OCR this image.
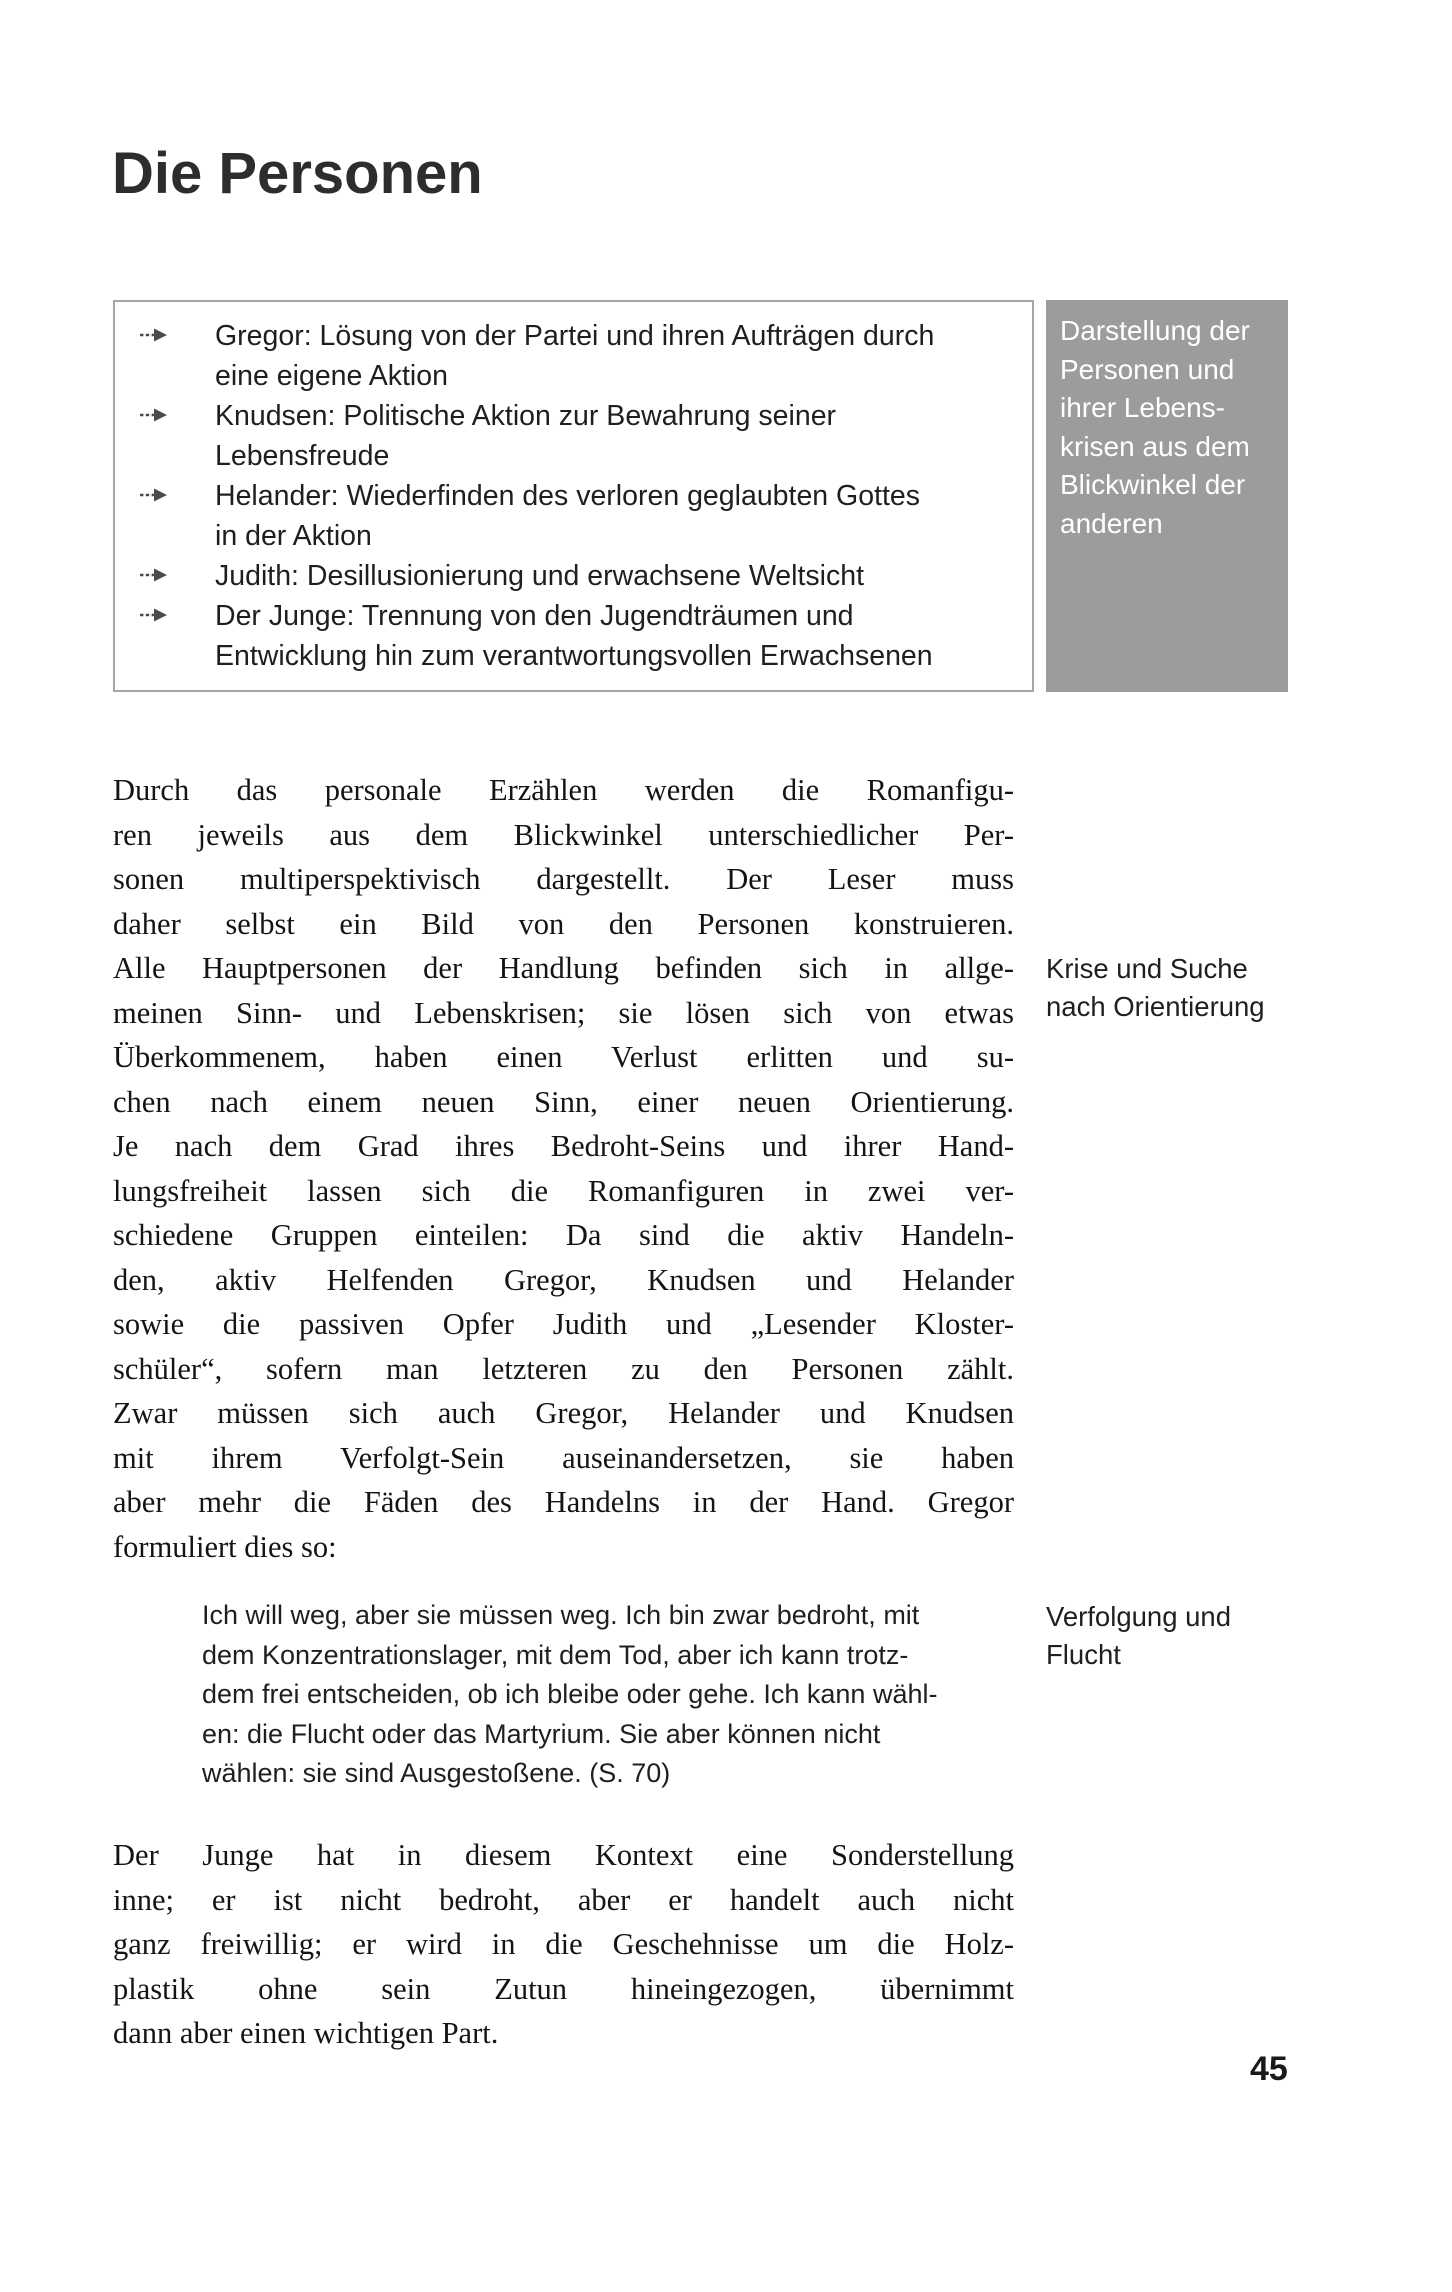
Die Personen
Gregor: Lösung von der Partei und ihren Aufträgen durch
eine eigene Aktion
Knudsen: Politische Aktion zur Bewahrung seiner
Lebensfreude
Helander: Wiederfinden des verloren geglaubten Gottes
in der Aktion
Judith: Desillusionierung und erwachsene Weltsicht
Der Junge: Trennung von den Jugendträumen und
Entwicklung hin zum verantwortungsvollen Erwachsenen
Darstellung der
Personen und
ihrer Lebens-
krisen aus dem
Blickwinkel der
anderen
Durch das personale Erzählen werden die Romanfigu-
ren jeweils aus dem Blickwinkel unterschiedlicher Per-
sonen multiperspektivisch dargestellt. Der Leser muss
daher selbst ein Bild von den Personen konstruieren.
Alle Hauptpersonen der Handlung befinden sich in allge-
meinen Sinn- und Lebenskrisen; sie lösen sich von etwas
Überkommenem, haben einen Verlust erlitten und su-
chen nach einem neuen Sinn, einer neuen Orientierung.
Je nach dem Grad ihres Bedroht-Seins und ihrer Hand-
lungsfreiheit lassen sich die Romanfiguren in zwei ver-
schiedene Gruppen einteilen: Da sind die aktiv Handeln-
den, aktiv Helfenden Gregor, Knudsen und Helander
sowie die passiven Opfer Judith und „Lesender Kloster-
schüler“, sofern man letzteren zu den Personen zählt.
Zwar müssen sich auch Gregor, Helander und Knudsen
mit ihrem Verfolgt-Sein auseinandersetzen, sie haben
aber mehr die Fäden des Handelns in der Hand. Gregor
formuliert dies so:
Krise und Suche
nach Orientierung
Ich will weg, aber sie müssen weg. Ich bin zwar bedroht, mit
dem Konzentrationslager, mit dem Tod, aber ich kann trotz-
dem frei entscheiden, ob ich bleibe oder gehe. Ich kann wähl-
en: die Flucht oder das Martyrium. Sie aber können nicht
wählen: sie sind Ausgestoßene. (S. 70)
Verfolgung und
Flucht
Der Junge hat in diesem Kontext eine Sonderstellung
inne; er ist nicht bedroht, aber er handelt auch nicht
ganz freiwillig; er wird in die Geschehnisse um die Holz-
plastik ohne sein Zutun hineingezogen, übernimmt
dann aber einen wichtigen Part.
45
